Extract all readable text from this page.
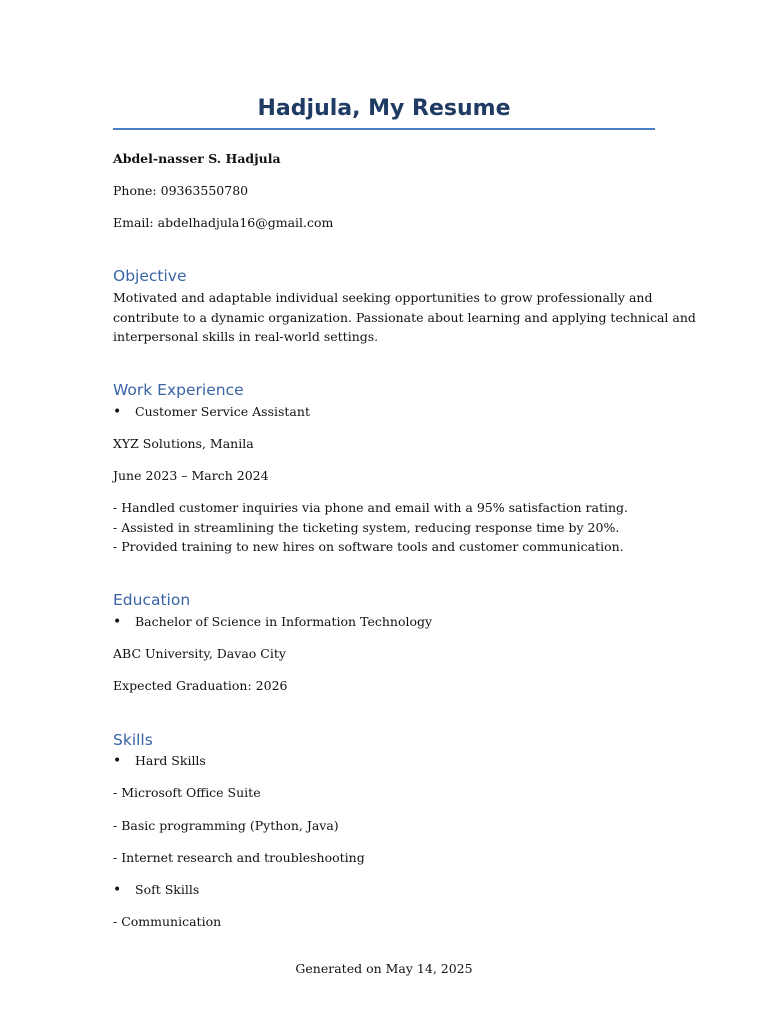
Hadjula, My Resume
Abdel-nasser S. Hadjula
Phone: 09363550780
Email: abdelhadjula16@gmail.com
Objective
Motivated and adaptable individual seeking opportunities to grow professionally and
contribute to a dynamic organization. Passionate about learning and applying technical and
interpersonal skills in real-world settings.
Work Experience
• Customer Service Assistant
XYZ Solutions, Manila
June 2023 – March 2024
- Handled customer inquiries via phone and email with a 95% satisfaction rating.
- Assisted in streamlining the ticketing system, reducing response time by 20%.
- Provided training to new hires on software tools and customer communication.
Education
• Bachelor of Science in Information Technology
ABC University, Davao City
Expected Graduation: 2026
Skills
• Hard Skills
- Microsoft Office Suite
- Basic programming (Python, Java)
- Internet research and troubleshooting
• Soft Skills
- Communication
Generated on May 14, 2025
